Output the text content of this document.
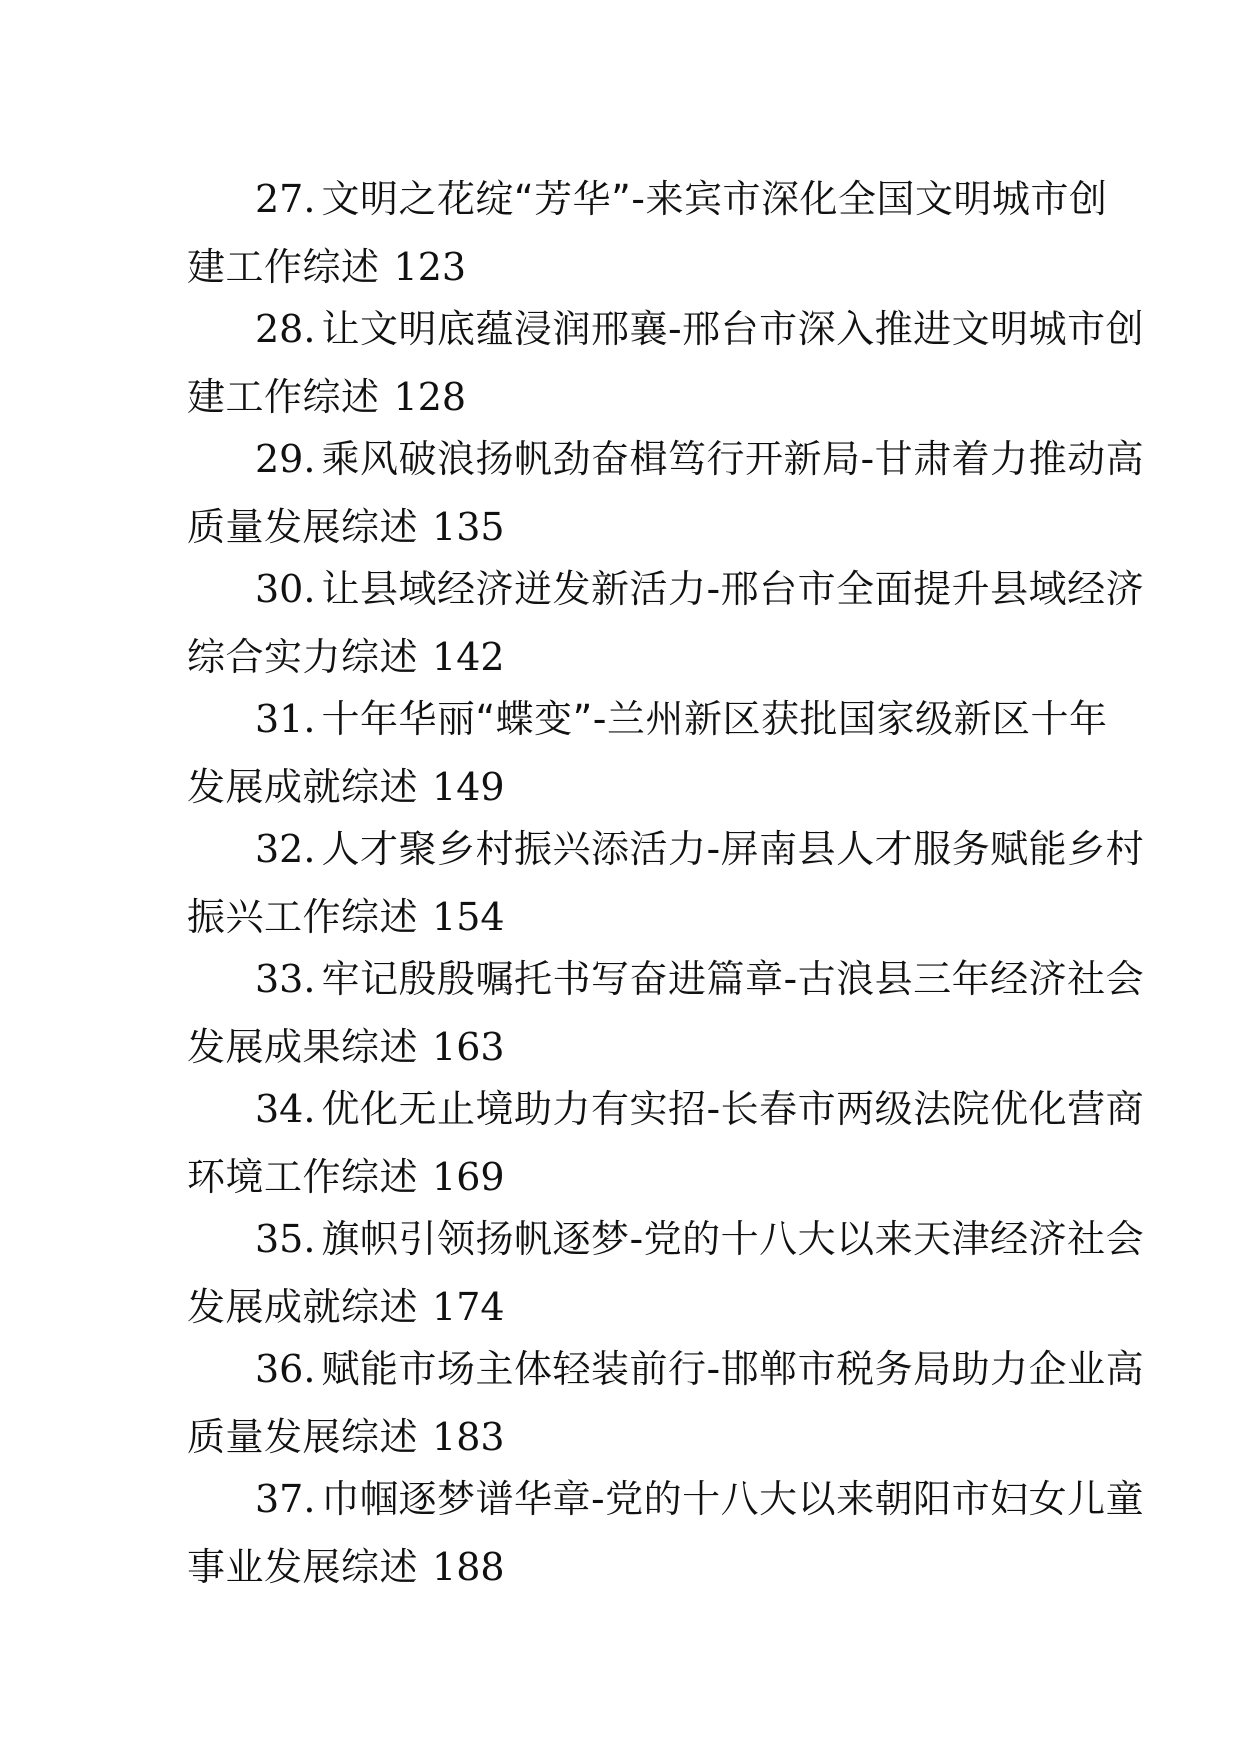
27. 文明之花绽“芳华”-来宾市深化全国文明城市创
建工作综述 123
28. 让文明底蕴浸润邢襄-邢台市深入推进文明城市创
建工作综述 128
29. 乘风破浪扬帆劲奋楫笃行开新局-甘肃着力推动高
质量发展综述 135
30. 让县域经济迸发新活力-邢台市全面提升县域经济
综合实力综述 142
31. 十年华丽“蝶变”-兰州新区获批国家级新区十年
发展成就综述 149
32. 人才聚乡村振兴添活力-屏南县人才服务赋能乡村
振兴工作综述 154
33. 牢记殷殷嘱托书写奋进篇章-古浪县三年经济社会
发展成果综述 163
34. 优化无止境助力有实招-长春市两级法院优化营商
环境工作综述 169
35. 旗帜引领扬帆逐梦-党的十八大以来天津经济社会
发展成就综述 174
36. 赋能市场主体轻装前行-邯郸市税务局助力企业高
质量发展综述 183
37. 巾帼逐梦谱华章-党的十八大以来朝阳市妇女儿童
事业发展综述 188
